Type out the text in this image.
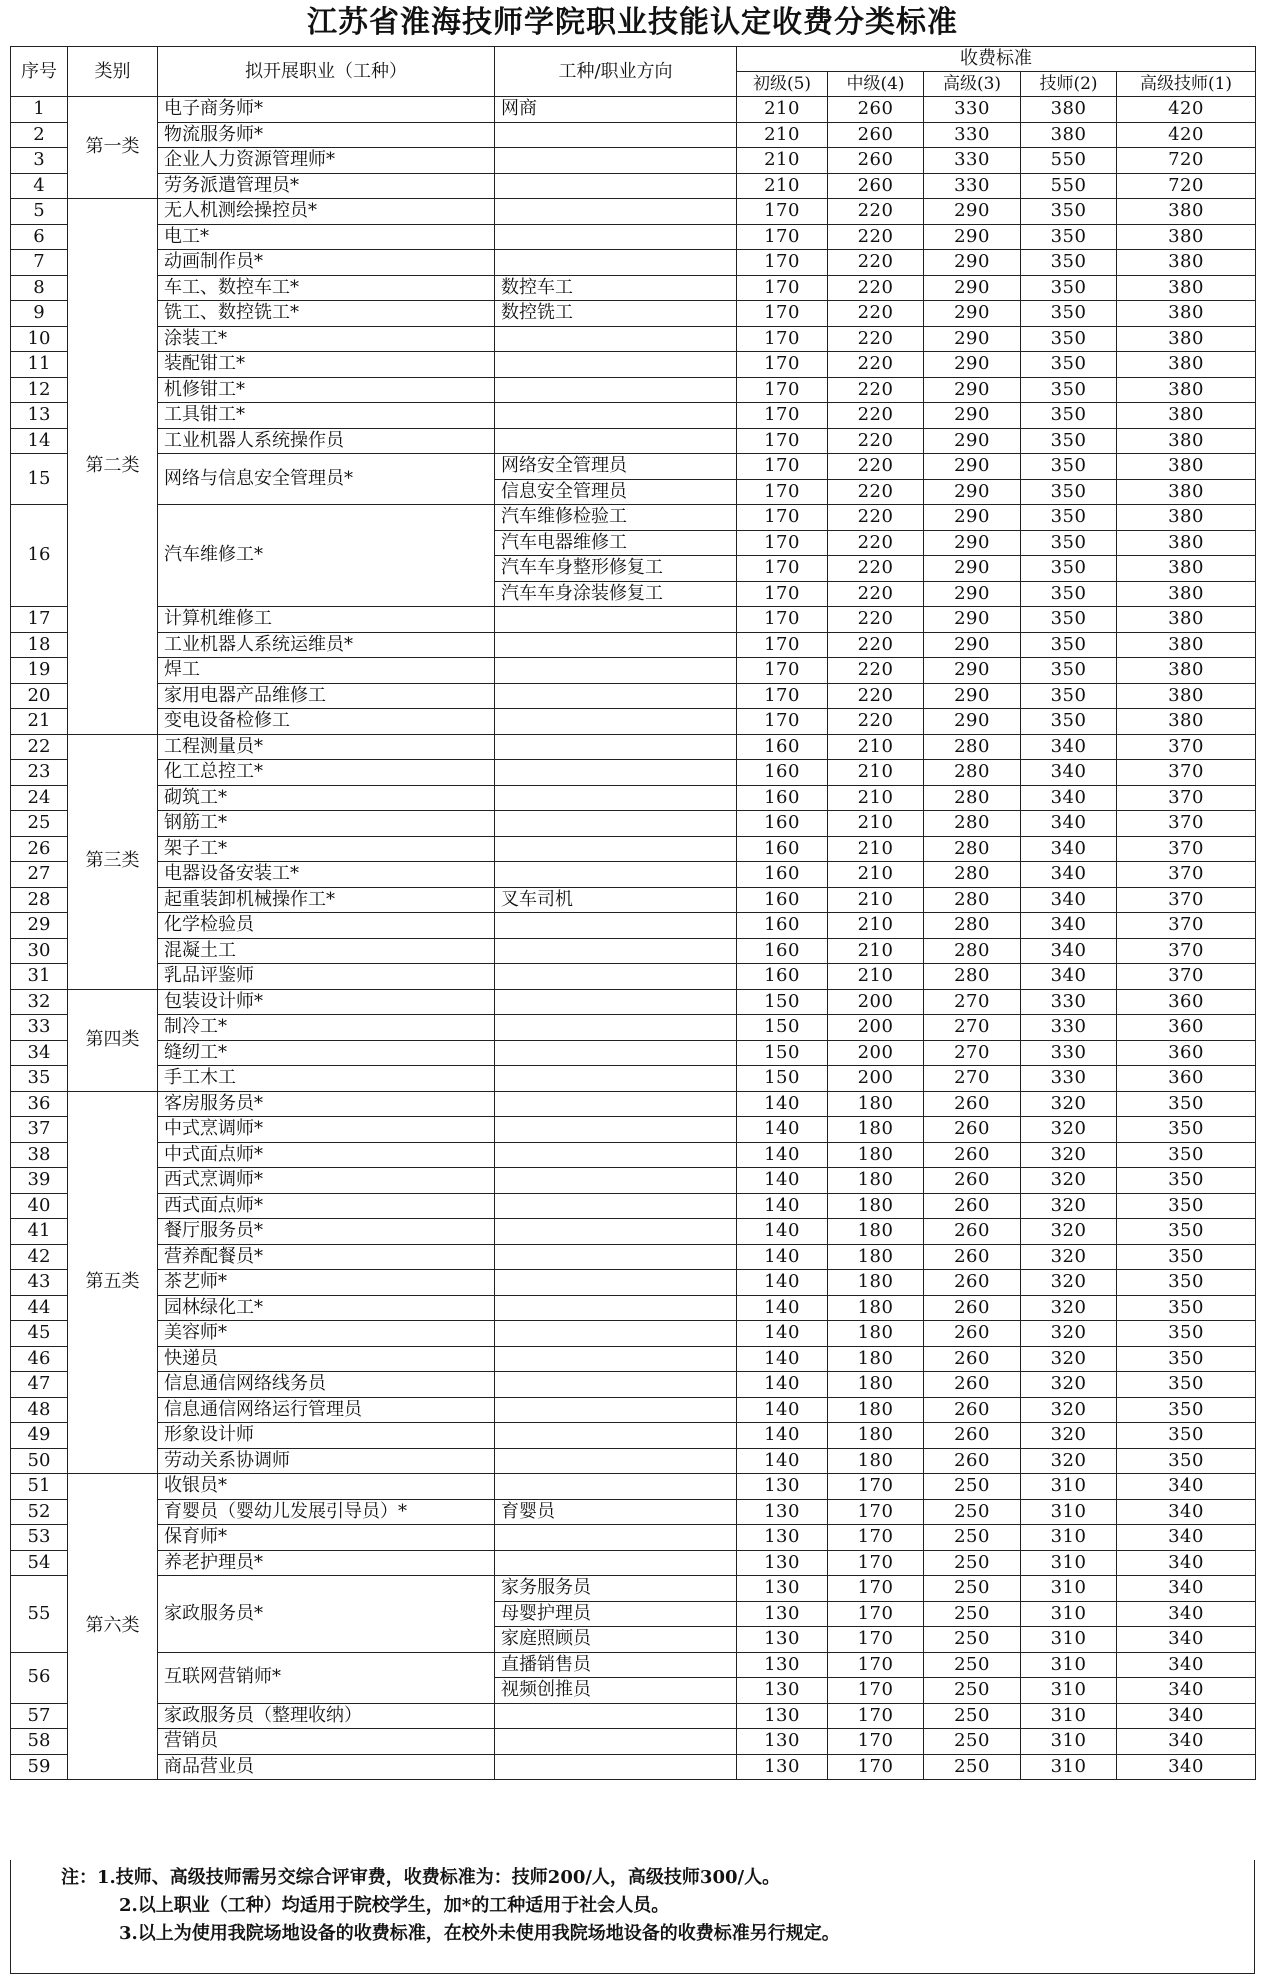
江苏省淮海技师学院职业技能认定收费分类标准
序号	类别	拟开展职业（工种）	工种/职业方向	收费标准				
				初级(5)	中级(4)	高级(3)	技师(2)	高级技师(1)
1	第一类	电子商务师*	网商	210	260	330	380	420
2		物流服务师*		210	260	330	380	420
3		企业人力资源管理师*		210	260	330	550	720
4		劳务派遣管理员*		210	260	330	550	720
5	第二类	无人机测绘操控员*		170	220	290	350	380
6		电工*		170	220	290	350	380
7		动画制作员*		170	220	290	350	380
8		车工、数控车工*	数控车工	170	220	290	350	380
9		铣工、数控铣工*	数控铣工	170	220	290	350	380
10		涂装工*		170	220	290	350	380
11		装配钳工*		170	220	290	350	380
12		机修钳工*		170	220	290	350	380
13		工具钳工*		170	220	290	350	380
14		工业机器人系统操作员		170	220	290	350	380
15		网络与信息安全管理员*	网络安全管理员	170	220	290	350	380
			信息安全管理员	170	220	290	350	380
16		汽车维修工*	汽车维修检验工	170	220	290	350	380
			汽车电器维修工	170	220	290	350	380
			汽车车身整形修复工	170	220	290	350	380
			汽车车身涂装修复工	170	220	290	350	380
17		计算机维修工		170	220	290	350	380
18		工业机器人系统运维员*		170	220	290	350	380
19		焊工		170	220	290	350	380
20		家用电器产品维修工		170	220	290	350	380
21		变电设备检修工		170	220	290	350	380
22	第三类	工程测量员*		160	210	280	340	370
23		化工总控工*		160	210	280	340	370
24		砌筑工*		160	210	280	340	370
25		钢筋工*		160	210	280	340	370
26		架子工*		160	210	280	340	370
27		电器设备安装工*		160	210	280	340	370
28		起重装卸机械操作工*	叉车司机	160	210	280	340	370
29		化学检验员		160	210	280	340	370
30		混凝土工		160	210	280	340	370
31		乳品评鉴师		160	210	280	340	370
32	第四类	包装设计师*		150	200	270	330	360
33		制冷工*		150	200	270	330	360
34		缝纫工*		150	200	270	330	360
35		手工木工		150	200	270	330	360
36	第五类	客房服务员*		140	180	260	320	350
37		中式烹调师*		140	180	260	320	350
38		中式面点师*		140	180	260	320	350
39		西式烹调师*		140	180	260	320	350
40		西式面点师*		140	180	260	320	350
41		餐厅服务员*		140	180	260	320	350
42		营养配餐员*		140	180	260	320	350
43		茶艺师*		140	180	260	320	350
44		园林绿化工*		140	180	260	320	350
45		美容师*		140	180	260	320	350
46		快递员		140	180	260	320	350
47		信息通信网络线务员		140	180	260	320	350
48		信息通信网络运行管理员		140	180	260	320	350
49		形象设计师		140	180	260	320	350
50		劳动关系协调师		140	180	260	320	350
51	第六类	收银员*		130	170	250	310	340
52		育婴员（婴幼儿发展引导员）*	育婴员	130	170	250	310	340
53		保育师*		130	170	250	310	340
54		养老护理员*		130	170	250	310	340
55		家政服务员*	家务服务员	130	170	250	310	340
			母婴护理员	130	170	250	310	340
			家庭照顾员	130	170	250	310	340
56		互联网营销师*	直播销售员	130	170	250	310	340
			视频创推员	130	170	250	310	340
57		家政服务员（整理收纳）		130	170	250	310	340
58		营销员		130	170	250	310	340
59		商品营业员		130	170	250	310	340
注：1.技师、高级技师需另交综合评审费，收费标准为：技师200/人，高级技师300/人。
2.以上职业（工种）均适用于院校学生，加*的工种适用于社会人员。
3.以上为使用我院场地设备的收费标准，在校外未使用我院场地设备的收费标准另行规定。
